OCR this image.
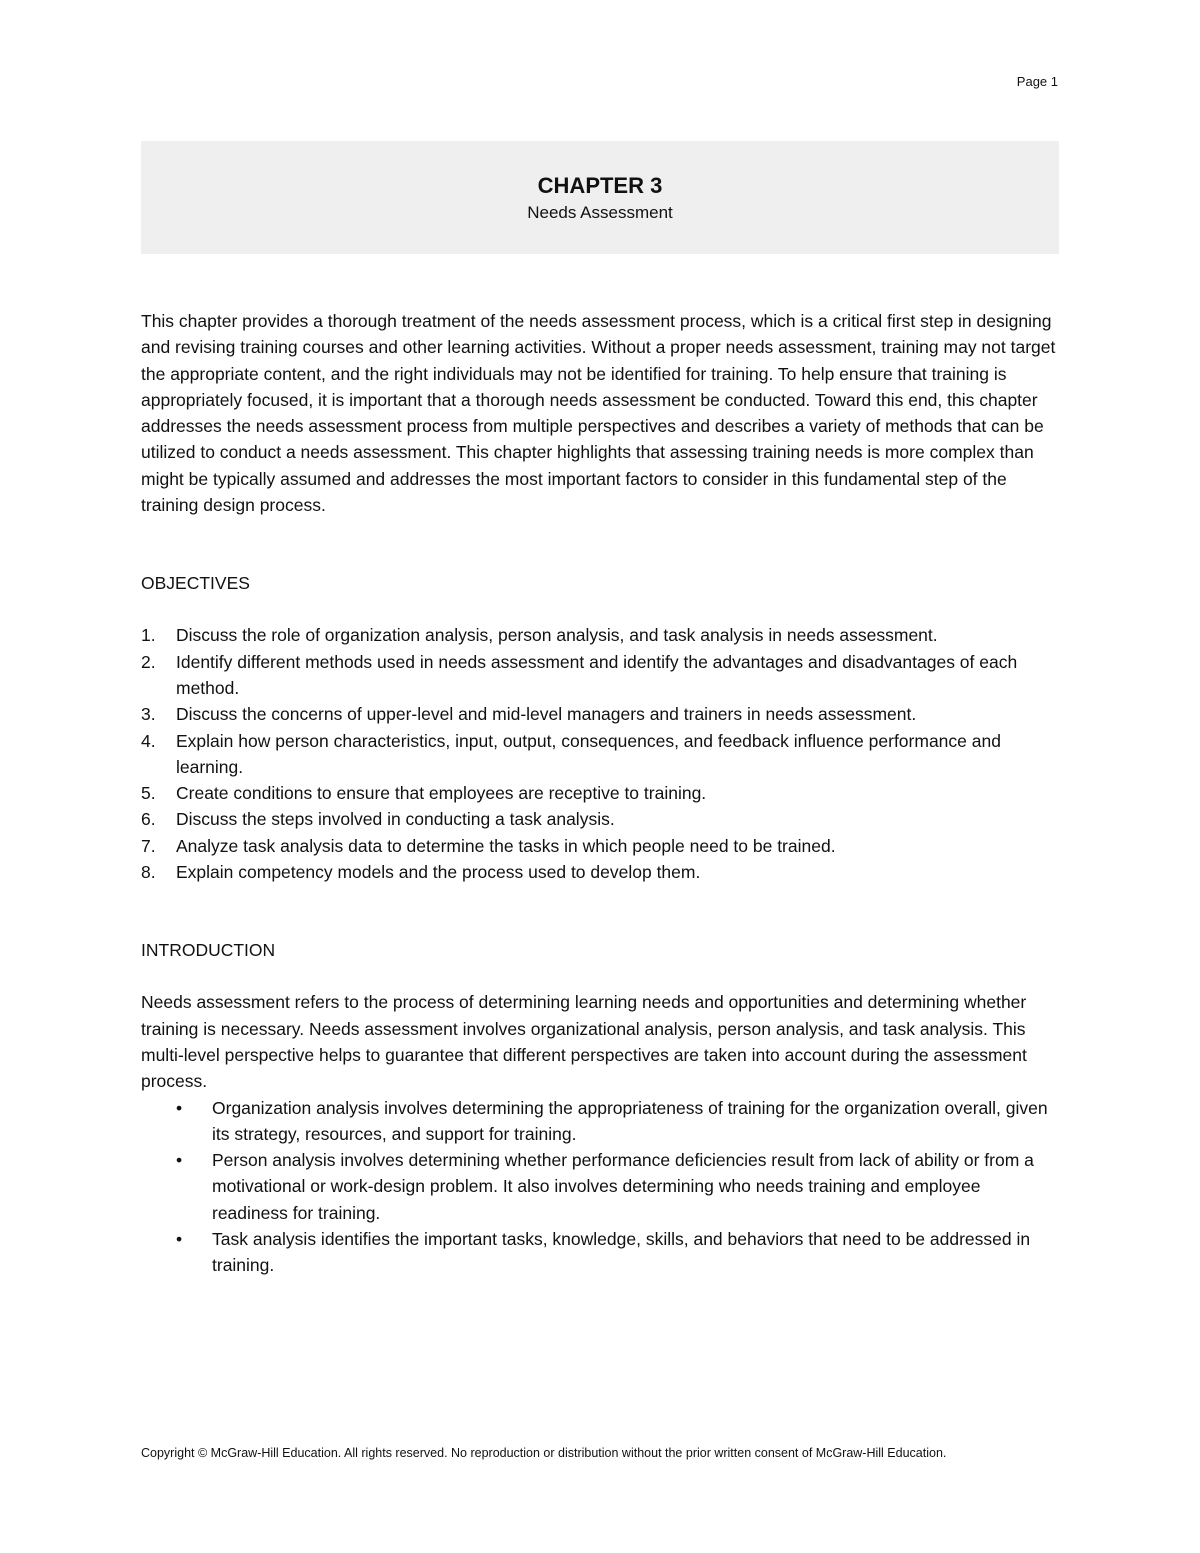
Page 1
CHAPTER 3
Needs Assessment

This chapter provides a thorough treatment of the needs assessment process, which is a critical first step in designing and revising training courses and other learning activities. Without a proper needs assessment, training may not target the appropriate content, and the right individuals may not be identified for training. To help ensure that training is appropriately focused, it is important that a thorough needs assessment be conducted. Toward this end, this chapter addresses the needs assessment process from multiple perspectives and describes a variety of methods that can be utilized to conduct a needs assessment. This chapter highlights that assessing training needs is more complex than might be typically assumed and addresses the most important factors to consider in this fundamental step of the training design process.

OBJECTIVES
1.	Discuss the role of organization analysis, person analysis, and task analysis in needs assessment.
2.	Identify different methods used in needs assessment and identify the advantages and disadvantages of each method.
3.	Discuss the concerns of upper-level and mid-level managers and trainers in needs assessment.
4.	Explain how person characteristics, input, output, consequences, and feedback influence performance and learning.
5.	Create conditions to ensure that employees are receptive to training.
6.	Discuss the steps involved in conducting a task analysis.
7.	Analyze task analysis data to determine the tasks in which people need to be trained.
8.	Explain competency models and the process used to develop them.
INTRODUCTION

Needs assessment refers to the process of determining learning needs and opportunities and determining whether training is necessary. Needs assessment involves organizational analysis, person analysis, and task analysis. This multi-level perspective helps to guarantee that different perspectives are taken into account during the assessment process.

•	Organization analysis involves determining the appropriateness of training for the organization overall, given its strategy, resources, and support for training.
•	Person analysis involves determining whether performance deficiencies result from lack of ability or from a motivational or work-design problem. It also involves determining who needs training and employee readiness for training.
•	Task analysis identifies the important tasks, knowledge, skills, and behaviors that need to be addressed in training.
Copyright © McGraw-Hill Education. All rights reserved. No reproduction or distribution without the prior written consent of McGraw-Hill Education.
